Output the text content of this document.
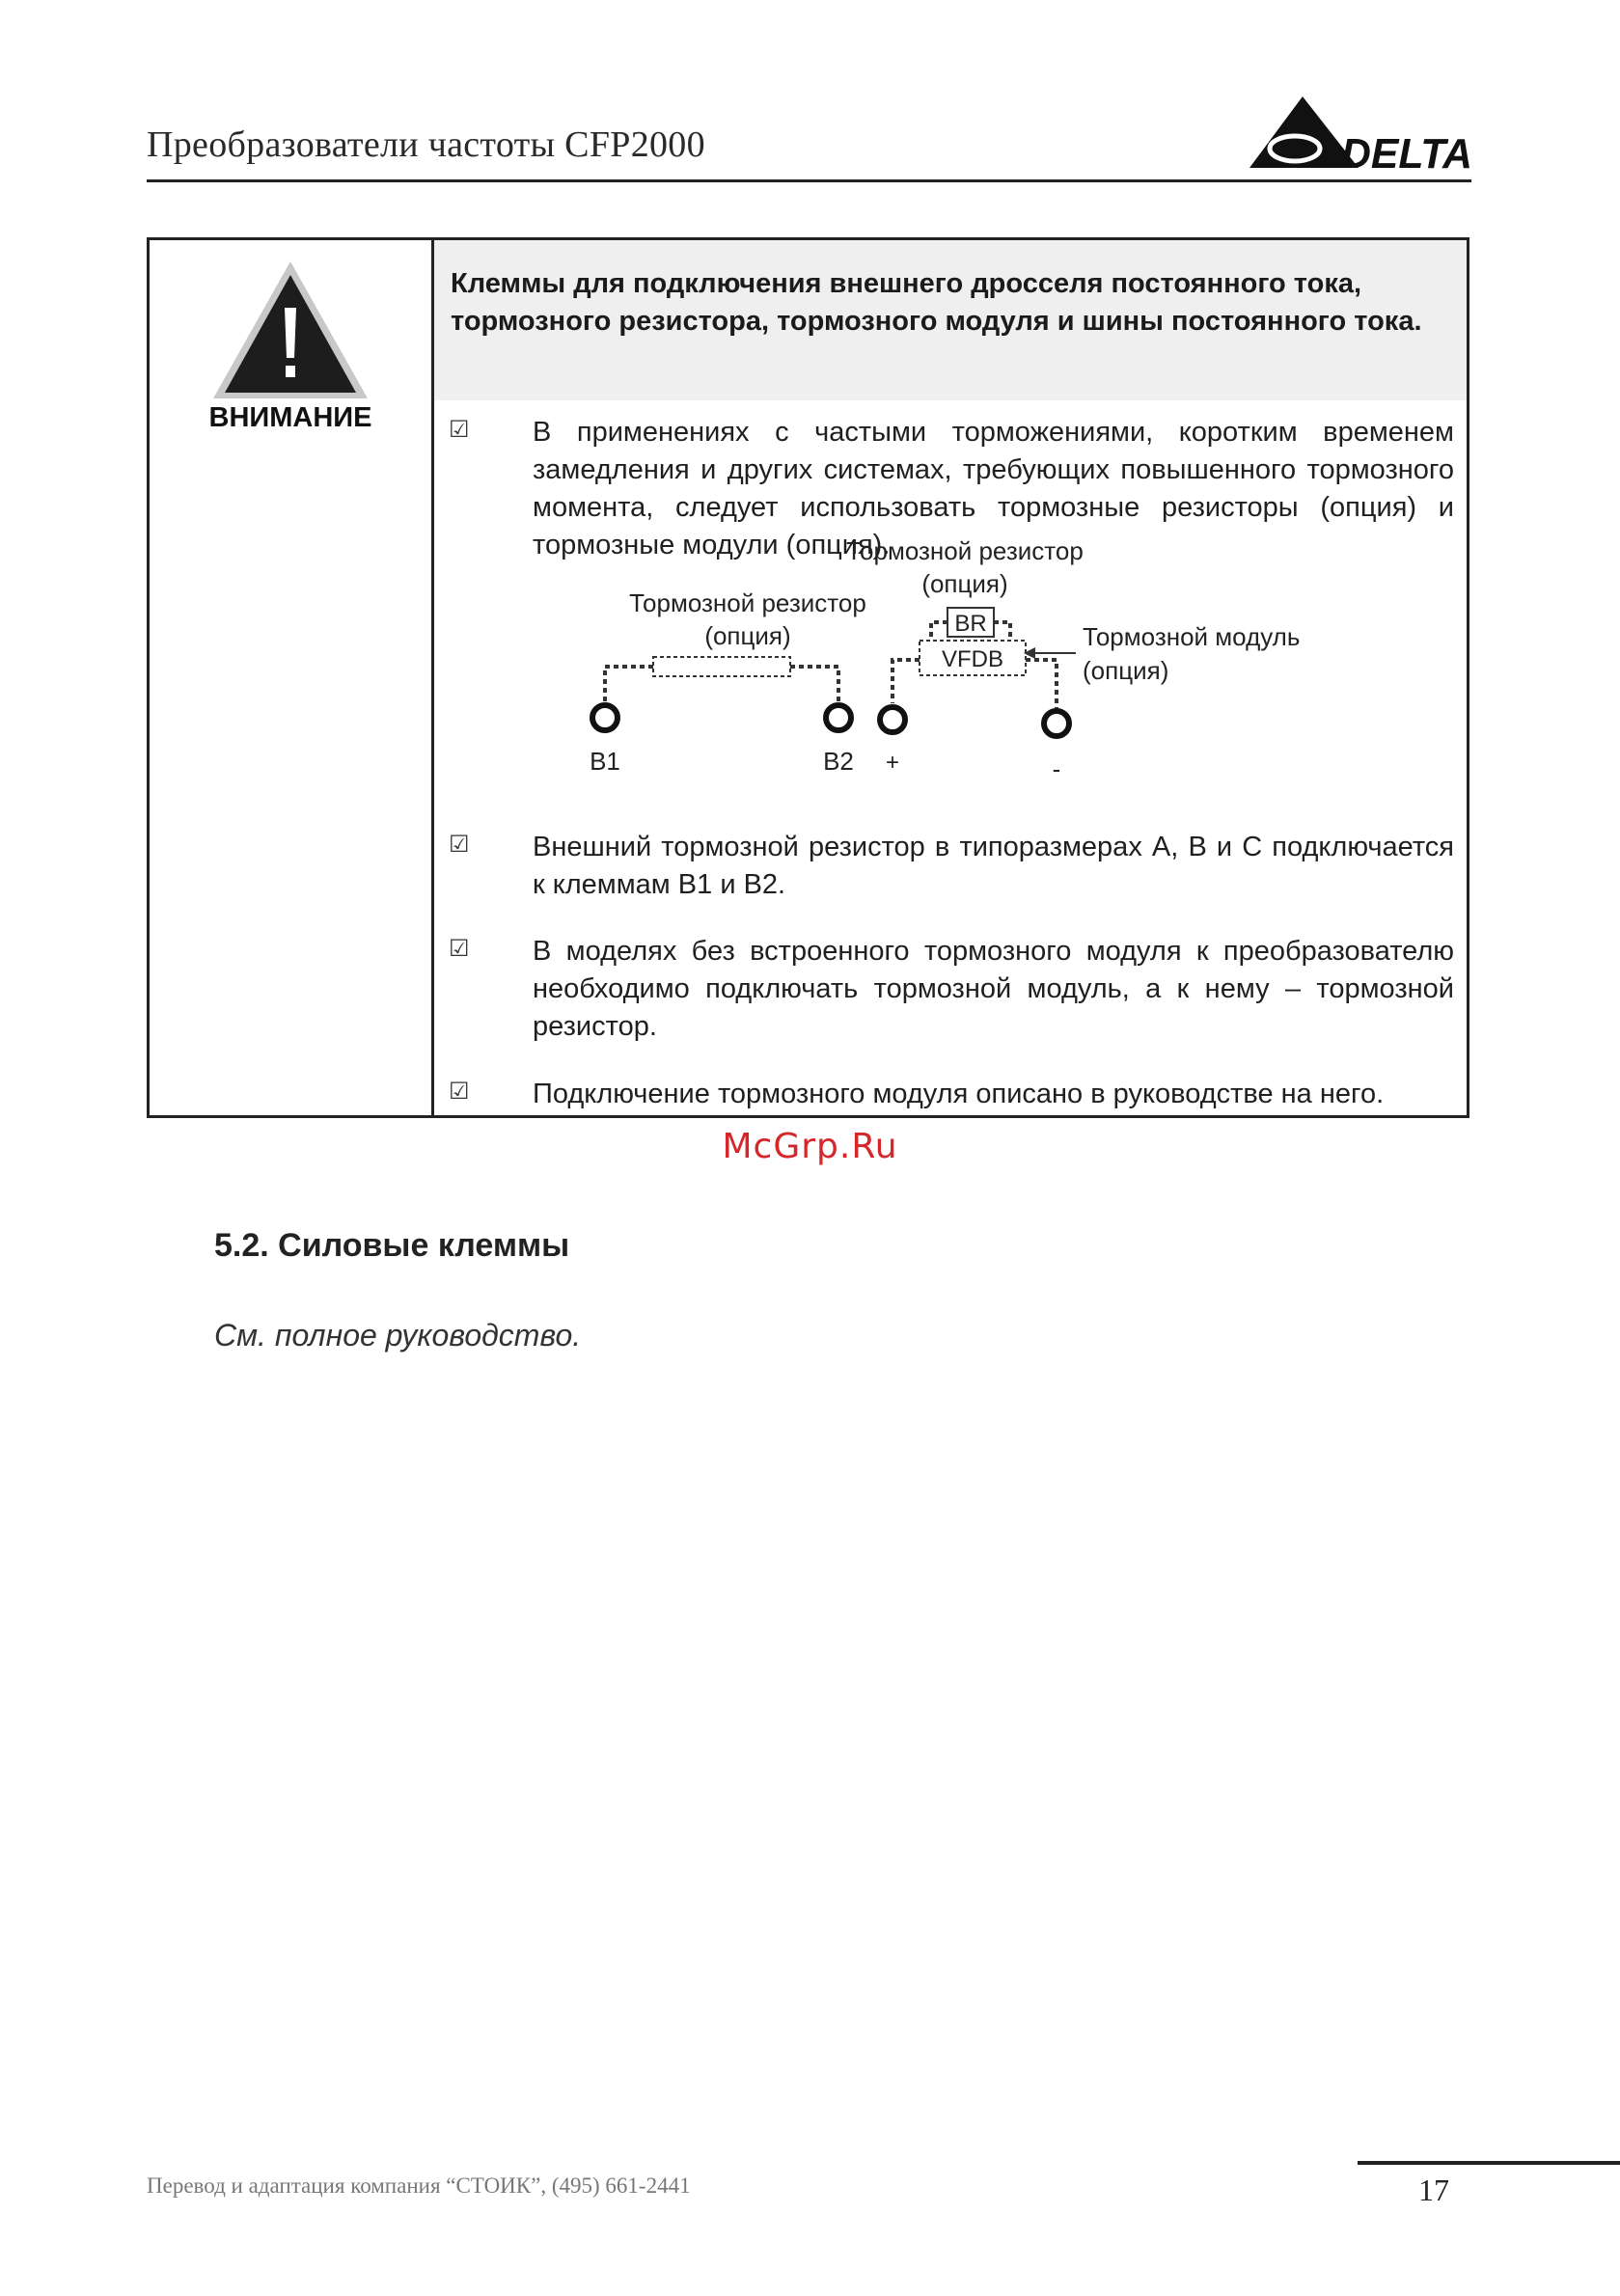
Преобразователи частоты CFP2000	DELTA
ВНИМАНИЕ
Клеммы для подключения внешнего дросселя постоянного тока, тормозного резистора, тормозного модуля и шины постоянного тока.
☑ В применениях с частыми торможениями, коротким временем замедления и других системах, требующих повышенного тормозного момента, следует использовать тормозные резисторы (опция) и тормозные модули (опция).
Тормозной резистор
(опция)
Тормозной резистор
(опция)
BR
VFDB
Тормозной модуль
(опция)
B1	B2 +	-
☑ Внешний тормозной резистор в типоразмерах A, B и C подключается к клеммам B1 и B2.
☑ В моделях без встроенного тормозного модуля к преобразователю необходимо подключать тормозной модуль, а к нему – тормозной резистор.
☑ Подключение тормозного модуля описано в руководстве на него.
McGrp.Ru
5.2. Силовые клеммы
См. полное руководство.
Перевод и адаптация компания “СТОИК”, (495) 661-2441	17
